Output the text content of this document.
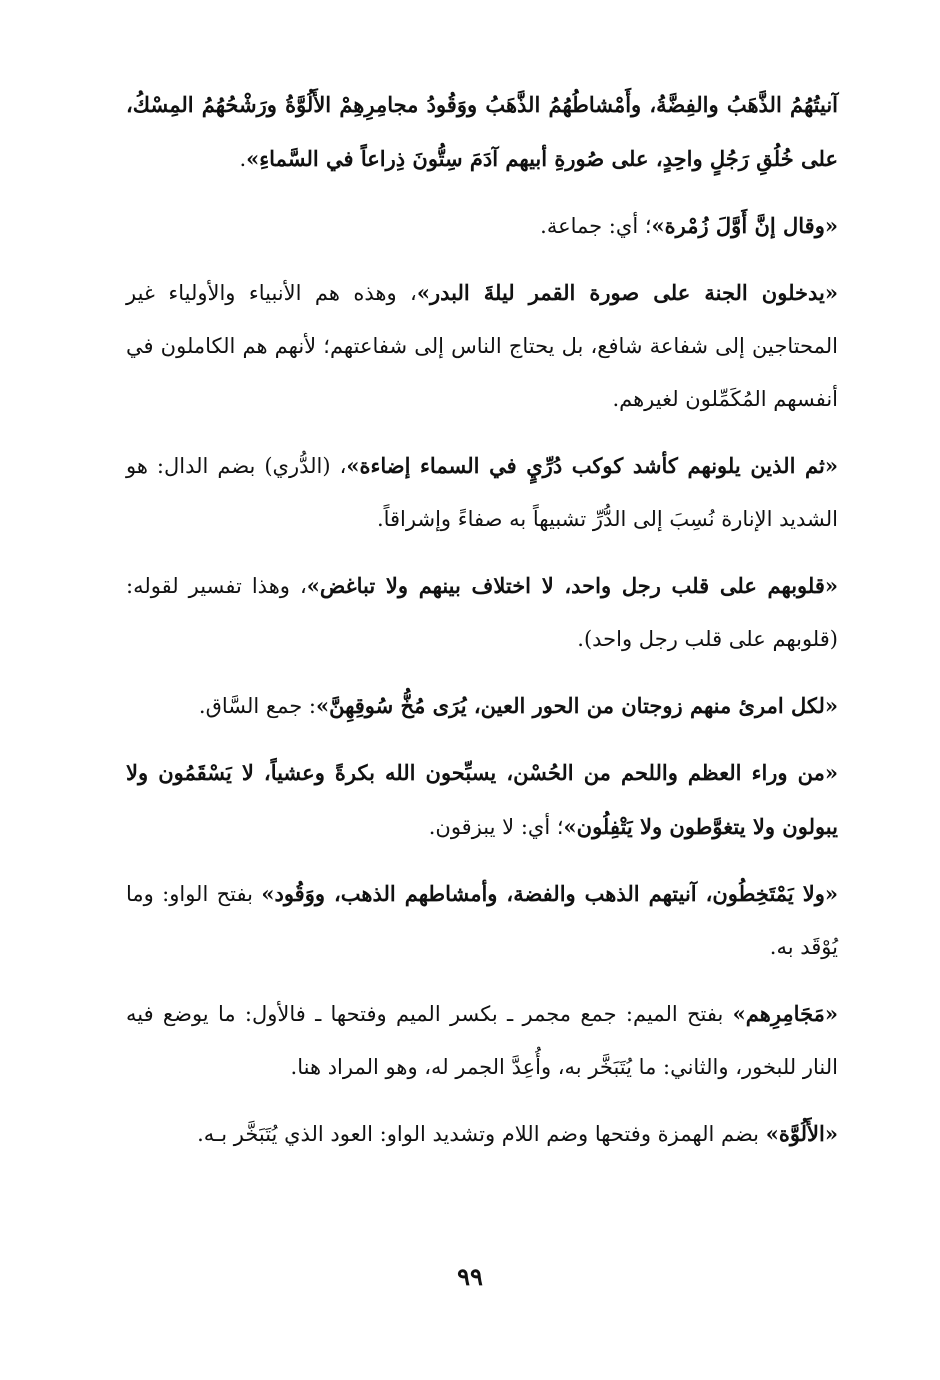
آنيتُهُمُ الذَّهَبُ والفِضَّةُ، وأَمْشاطُهُمُ الذَّهَبُ ووَقُودُ مجامِرِهِمْ الأَلُوَّةُ ورَشْحُهُمُ المِسْكُ، على خُلُقِ رَجُلٍ واحِدٍ، على صُورةِ أبيهم آدَمَ سِتُّونَ ذِراعاً في السَّماءِ».

«وقال إنَّ أَوَّلَ زُمْرة»؛ أي: جماعة.

«يدخلون الجنة على صورة القمر ليلةَ البدر»، وهذه هم الأنبياء والأولياء غير المحتاجين إلى شفاعة شافع، بل يحتاج الناس إلى شفاعتهم؛ لأنهم هم الكاملون في أنفسهم المُكَمِّلون لغيرهم.

«ثم الذين يلونهم كأشد كوكب دُرِّيٍ في السماء إضاءة»، (الدُّري) بضم الدال: هو الشديد الإنارة نُسِبَ إلى الدُّرِّ تشبيهاً به صفاءً وإشراقاً.

«قلوبهم على قلب رجل واحد، لا اختلاف بينهم ولا تباغض»، وهذا تفسير لقوله: (قلوبهم على قلب رجل واحد).

«لكل امرئ منهم زوجتان من الحور العين، يُرَى مُخُّ سُوقِهِنَّ»: جمع السَّاق.

«من وراء العظم واللحم من الحُسْن، يسبِّحون الله بكرةً وعشياً، لا يَسْقَمُون ولا يبولون ولا يتغوَّطون ولا يَتْفِلُون»؛ أي: لا يبزقون.

«ولا يَمْتَخِطُون، آنيتهم الذهب والفضة، وأمشاطهم الذهب، ووَقُود» بفتح الواو: وما يُوْقَد به.

«مَجَامِرِهم» بفتح الميم: جمع مجمر ـ بكسر الميم وفتحها ـ فالأول: ما يوضع فيه النار للبخور، والثاني: ما يُتَبَخَّر به، وأُعِدَّ الجمر له، وهو المراد هنا.

«الأَلُوَّة» بضم الهمزة وفتحها وضم اللام وتشديد الواو: العود الذي يُتَبَخَّر بـه.

٩٩
